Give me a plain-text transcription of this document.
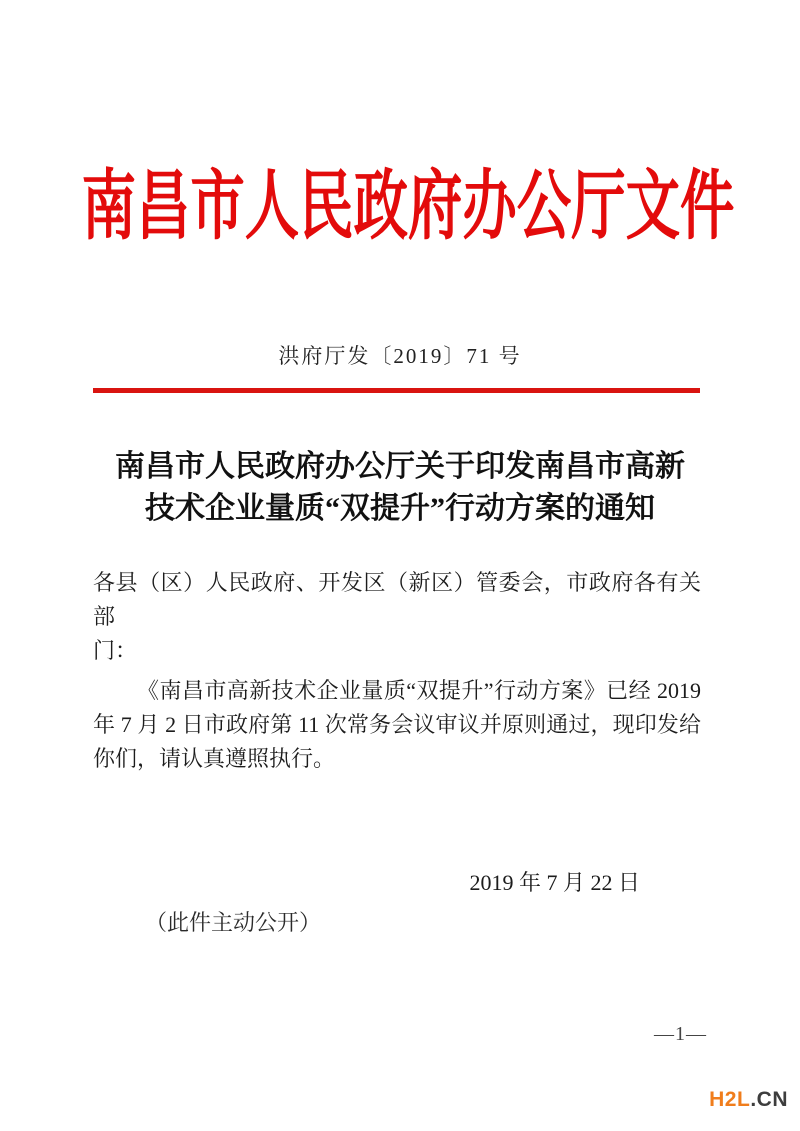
南昌市人民政府办公厅文件
洪府厅发〔2019〕71 号
南昌市人民政府办公厅关于印发南昌市高新
技术企业量质“双提升”行动方案的通知
各县（区）人民政府、开发区（新区）管委会，市政府各有关部
门：
《南昌市高新技术企业量质“双提升”行动方案》已经 2019
年 7 月 2 日市政府第 11 次常务会议审议并原则通过，现印发给
你们，请认真遵照执行。
2019 年 7 月 22 日
（此件主动公开）
—1—
H2L.CN
